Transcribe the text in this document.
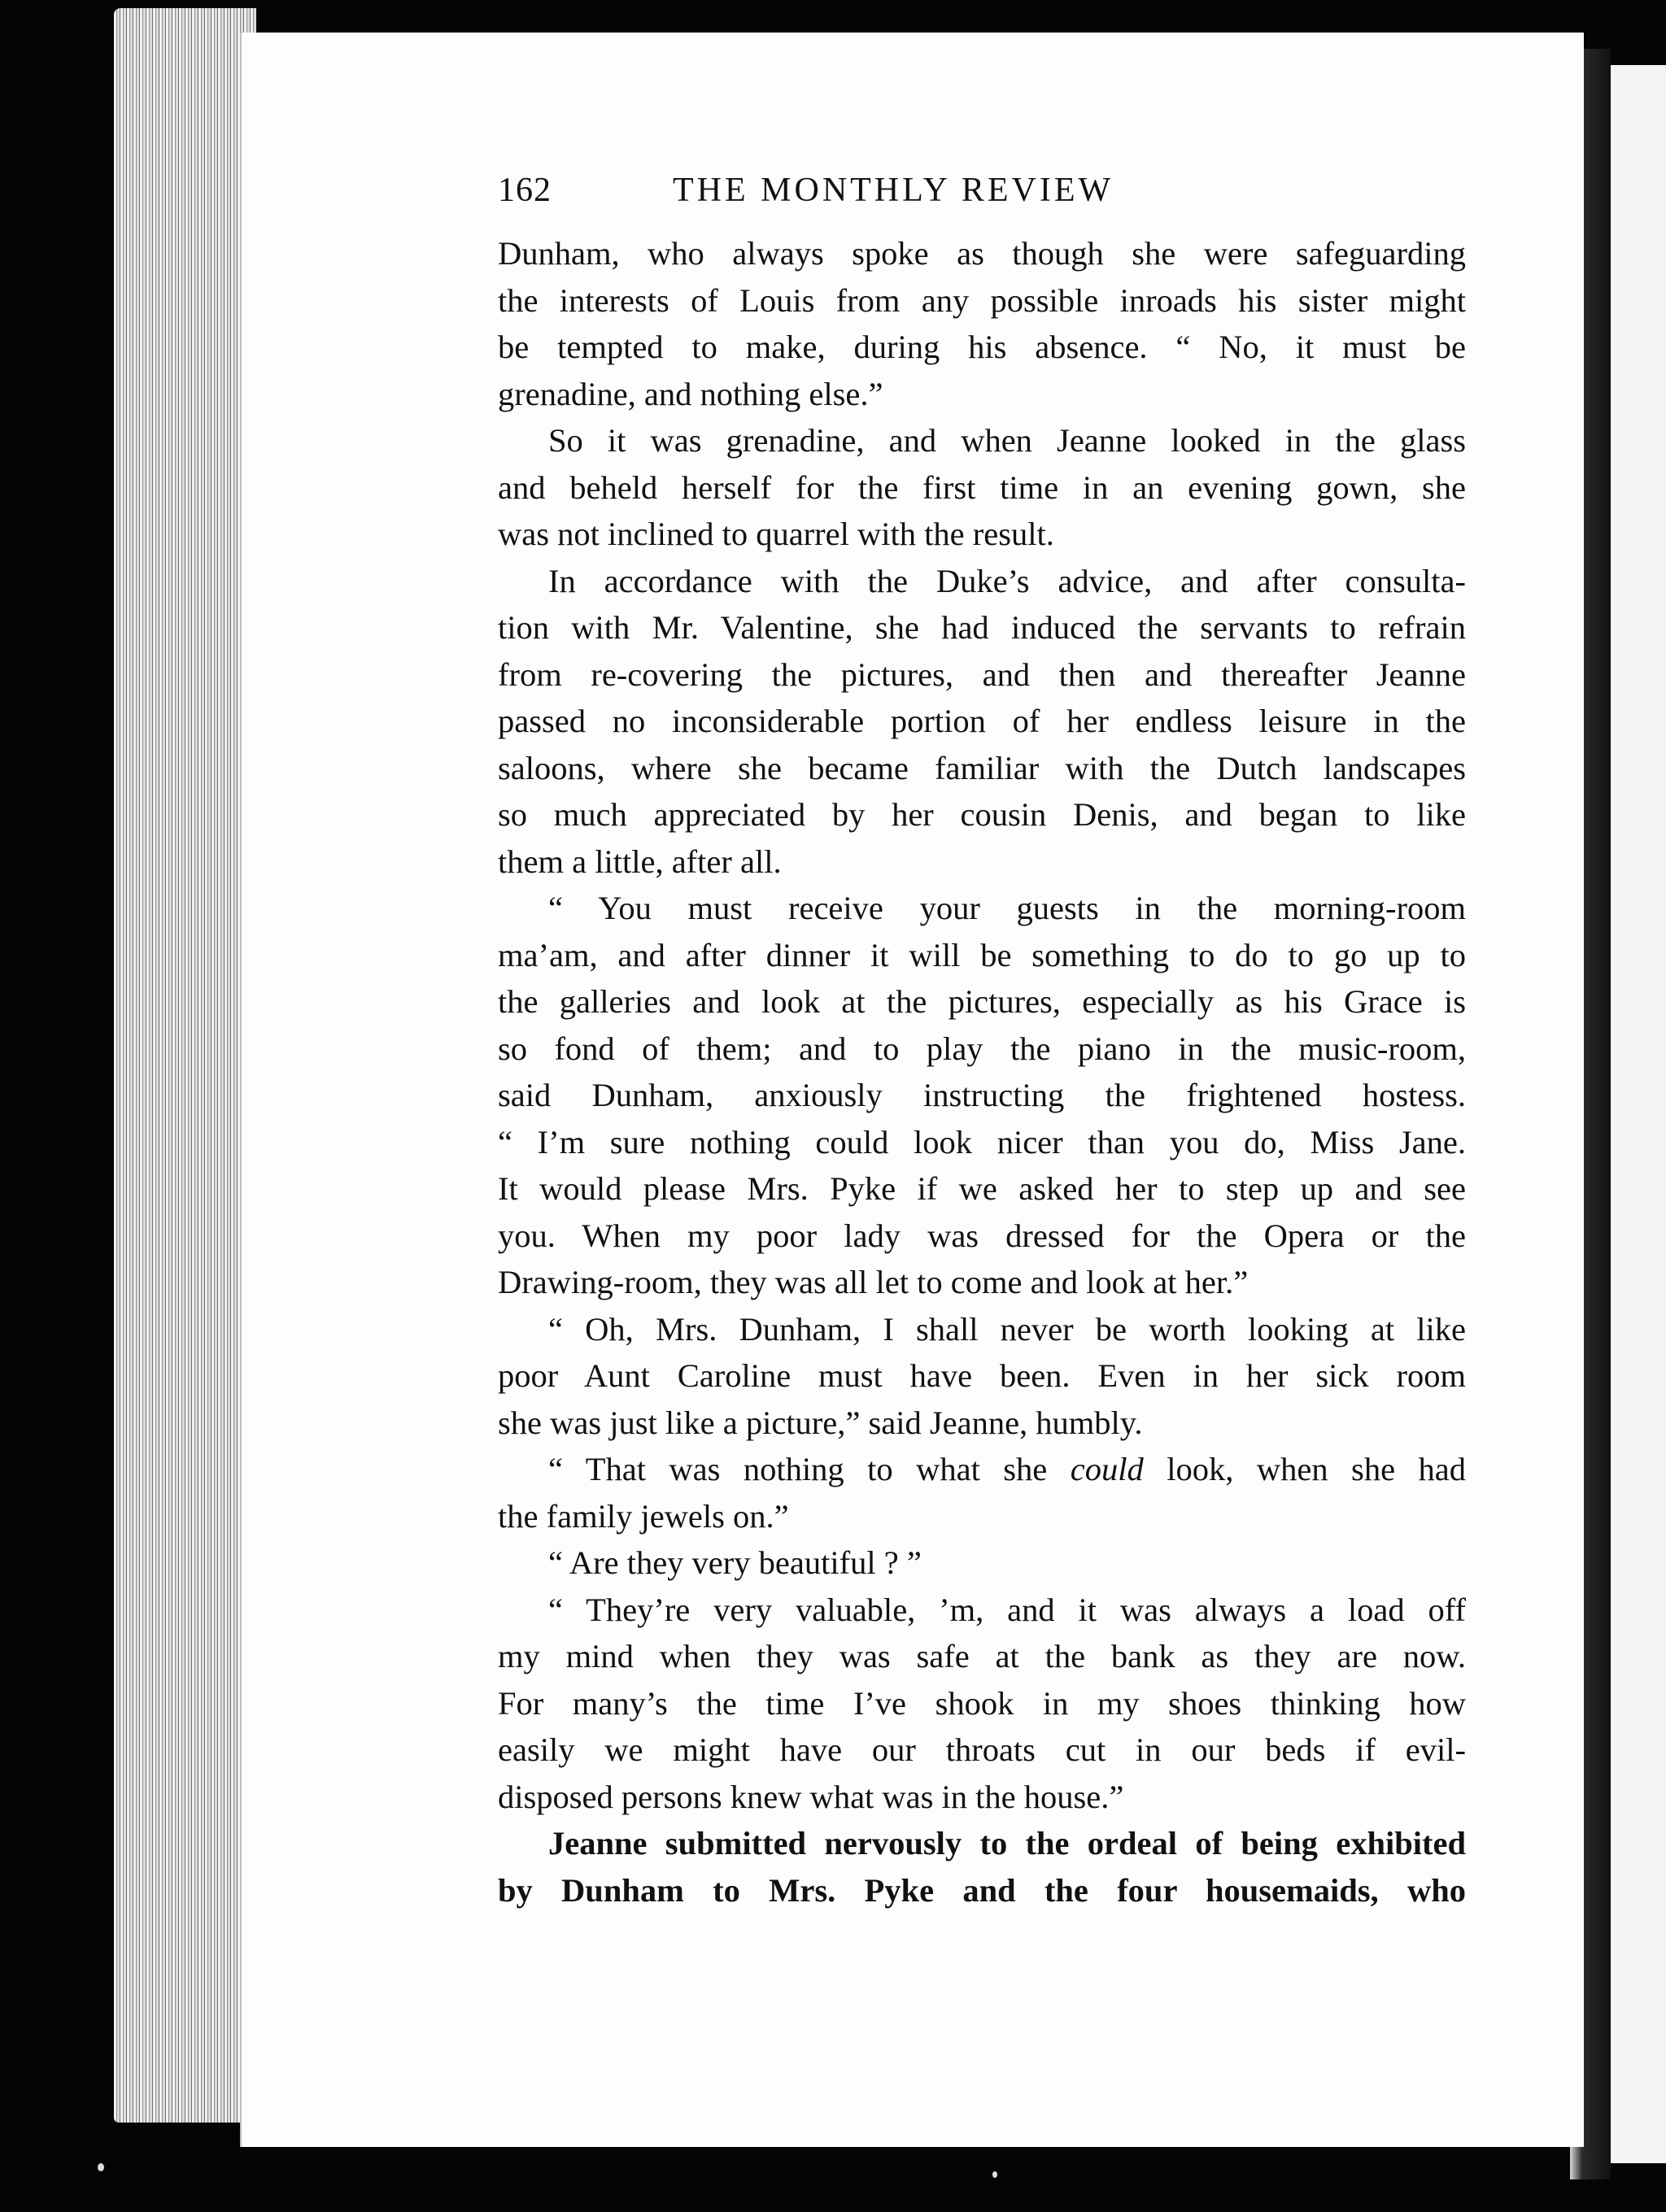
162	THE MONTHLY REVIEW
Dunham, who always spoke as though she were safeguarding
the interests of Louis from any possible inroads his sister might
be tempted to make, during his absence. “ No, it must be
grenadine, and nothing else.”
So it was grenadine, and when Jeanne looked in the glass
and beheld herself for the first time in an evening gown, she
was not inclined to quarrel with the result.
In accordance with the Duke’s advice, and after consulta-
tion with Mr. Valentine, she had induced the servants to refrain
from re-covering the pictures, and then and thereafter Jeanne
passed no inconsiderable portion of her endless leisure in the
saloons, where she became familiar with the Dutch landscapes
so much appreciated by her cousin Denis, and began to like
them a little, after all.
“ You must receive your guests in the morning-room
ma’am, and after dinner it will be something to do to go up to
the galleries and look at the pictures, especially as his Grace is
so fond of them; and to play the piano in the music-room,
said Dunham, anxiously instructing the frightened hostess.
“ I’m sure nothing could look nicer than you do, Miss Jane.
It would please Mrs. Pyke if we asked her to step up and see
you. When my poor lady was dressed for the Opera or the
Drawing-room, they was all let to come and look at her.”
“ Oh, Mrs. Dunham, I shall never be worth looking at like
poor Aunt Caroline must have been. Even in her sick room
she was just like a picture,” said Jeanne, humbly.
“ That was nothing to what she could look, when she had
the family jewels on.”
“ Are they very beautiful ? ”
“ They’re very valuable, ’m, and it was always a load off
my mind when they was safe at the bank as they are now.
For many’s the time I’ve shook in my shoes thinking how
easily we might have our throats cut in our beds if evil-
disposed persons knew what was in the house.”
Jeanne submitted nervously to the ordeal of being exhibited
by Dunham to Mrs. Pyke and the four housemaids, who
